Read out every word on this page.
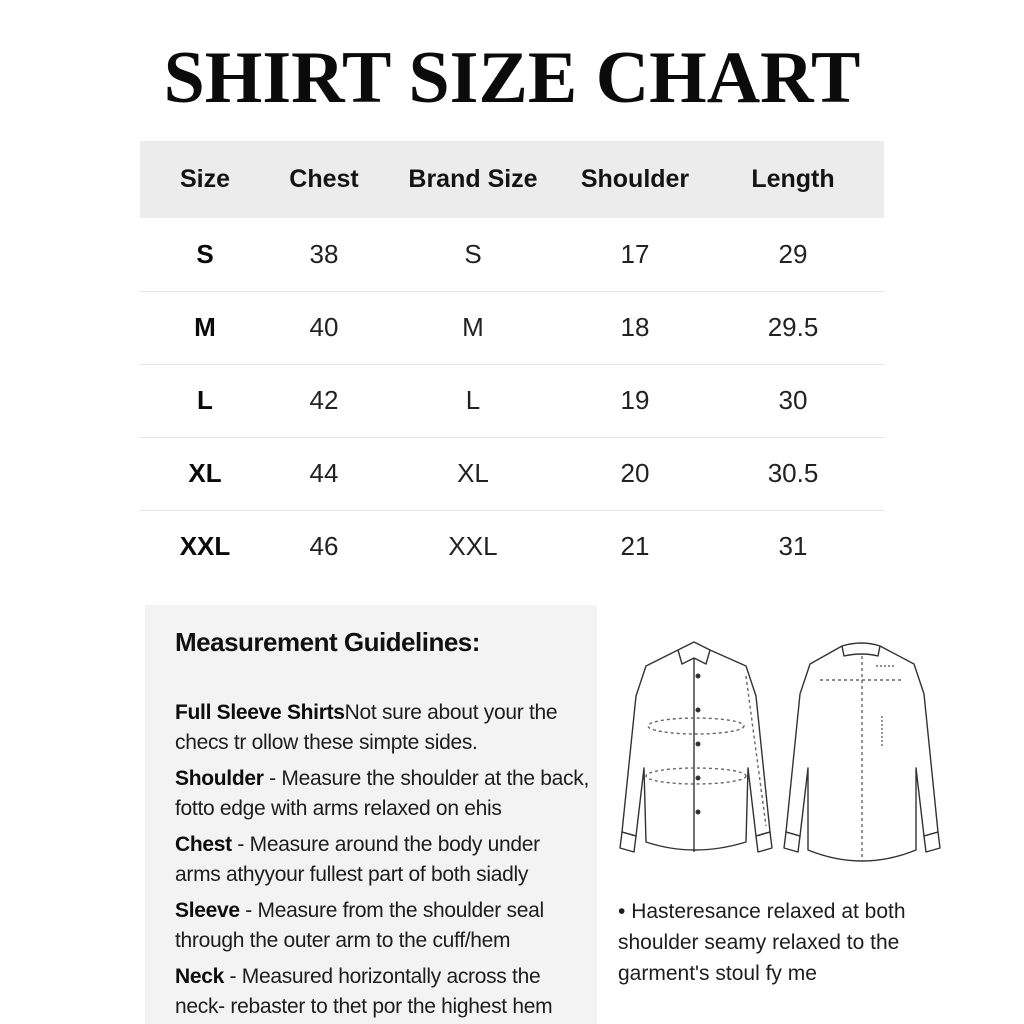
SHIRT SIZE CHART
Size	Chest	Brand Size	Shoulder	Length
S	38	S	17	29
M	40	M	18	29.5
L	42	L	19	30
XL	44	XL	20	30.5
XXL	46	XXL	21	31
Measurement Guidelines:

Full Sleeve ShirtsNot sure about your the checs tr ollow these simpte sides.

Shoulder - Measure the shoulder at the back, fotto edge with arms relaxed on ehis

Chest - Measure around the body under arms athyyour fullest part of both siadly

Sleeve - Measure from the shoulder seal through the outer arm to the cuff/hem

Neck - Measured horizontally across the neck- rebaster to thet por the highest hem

• Hasteresance relaxed at both shoulder seamy relaxed to the garment's stoul fy me
